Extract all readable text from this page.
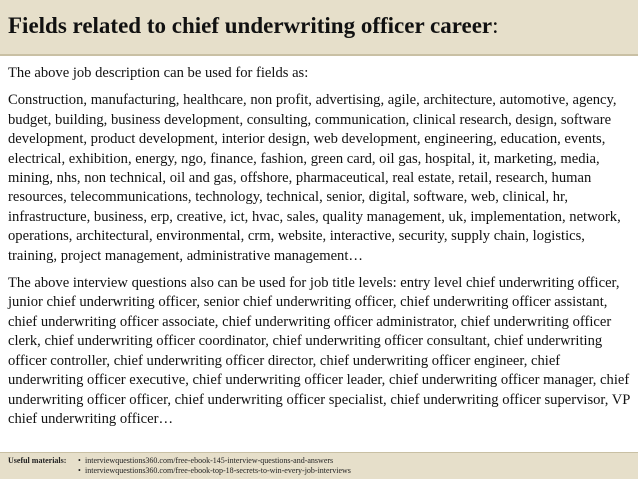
Fields related to chief underwriting officer career:

The above job description can be used for fields as:

Construction, manufacturing, healthcare, non profit, advertising, agile, architecture, automotive, agency, budget, building, business development, consulting, communication, clinical research, design, software development, product development, interior design, web development, engineering, education, events, electrical, exhibition, energy, ngo, finance, fashion, green card, oil gas, hospital, it, marketing, media, mining, nhs, non technical, oil and gas, offshore, pharmaceutical, real estate, retail, research, human resources, telecommunications, technology, technical, senior, digital, software, web, clinical, hr, infrastructure, business, erp, creative, ict, hvac, sales, quality management, uk, implementation, network, operations, architectural, environmental, crm, website, interactive, security, supply chain, logistics, training, project management, administrative management…

The above interview questions also can be used for job title levels: entry level chief underwriting officer, junior chief underwriting officer, senior chief underwriting officer, chief underwriting officer assistant, chief underwriting officer associate, chief underwriting officer administrator, chief underwriting officer clerk, chief underwriting officer coordinator, chief underwriting officer consultant, chief underwriting officer controller, chief underwriting officer director, chief underwriting officer engineer, chief underwriting officer executive, chief underwriting officer leader, chief underwriting officer manager, chief underwriting officer officer, chief underwriting officer specialist, chief underwriting officer supervisor, VP chief underwriting officer…

Useful materials: • interviewquestions360.com/free-ebook-145-interview-questions-and-answers
• interviewquestions360.com/free-ebook-top-18-secrets-to-win-every-job-interviews
